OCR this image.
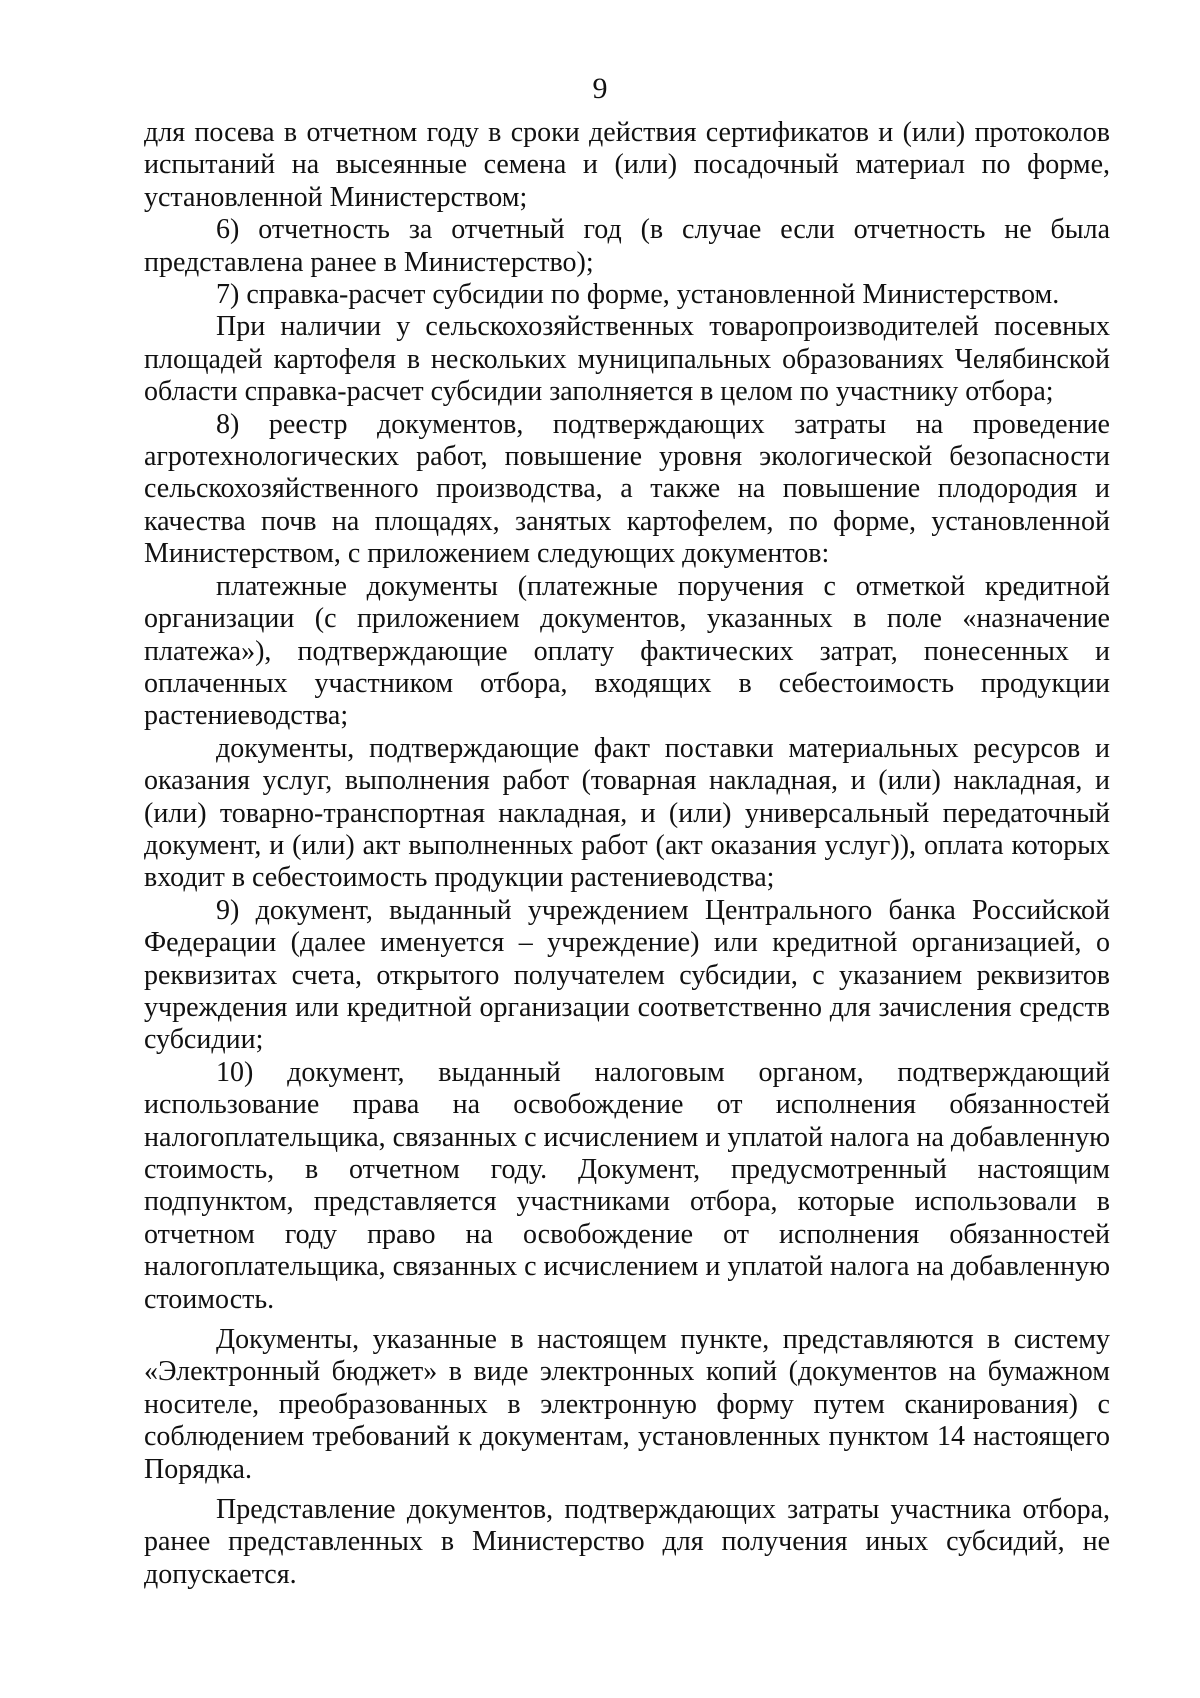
9

для посева в отчетном году в сроки действия сертификатов и (или) протоколов испытаний на высеянные семена и (или) посадочный материал по форме, установленной Министерством;

6) отчетность за отчетный год (в случае если отчетность не была представлена ранее в Министерство);

7) справка-расчет субсидии по форме, установленной Министерством.

При наличии у сельскохозяйственных товаропроизводителей посевных площадей картофеля в нескольких муниципальных образованиях Челябинской области справка-расчет субсидии заполняется в целом по участнику отбора;

8) реестр документов, подтверждающих затраты на проведение агротехнологических работ, повышение уровня экологической безопасности сельскохозяйственного производства, а также на повышение плодородия и качества почв на площадях, занятых картофелем, по форме, установленной Министерством, с приложением следующих документов:

платежные документы (платежные поручения с отметкой кредитной организации (с приложением документов, указанных в поле «назначение платежа»), подтверждающие оплату фактических затрат, понесенных и оплаченных участником отбора, входящих в себестоимость продукции растениеводства;

документы, подтверждающие факт поставки материальных ресурсов и оказания услуг, выполнения работ (товарная накладная, и (или) накладная, и (или) товарно-транспортная накладная, и (или) универсальный передаточный документ, и (или) акт выполненных работ (акт оказания услуг)), оплата которых входит в себестоимость продукции растениеводства;

9) документ, выданный учреждением Центрального банка Российской Федерации (далее именуется – учреждение) или кредитной организацией, о реквизитах счета, открытого получателем субсидии, с указанием реквизитов учреждения или кредитной организации соответственно для зачисления средств субсидии;

10) документ, выданный налоговым органом, подтверждающий использование права на освобождение от исполнения обязанностей налогоплательщика, связанных с исчислением и уплатой налога на добавленную стоимость, в отчетном году. Документ, предусмотренный настоящим подпунктом, представляется участниками отбора, которые использовали в отчетном году право на освобождение от исполнения обязанностей налогоплательщика, связанных с исчислением и уплатой налога на добавленную стоимость.

Документы, указанные в настоящем пункте, представляются в систему «Электронный бюджет» в виде электронных копий (документов на бумажном носителе, преобразованных в электронную форму путем сканирования) с соблюдением требований к документам, установленных пунктом 14 настоящего Порядка.

Представление документов, подтверждающих затраты участника отбора, ранее представленных в Министерство для получения иных субсидий, не допускается.
